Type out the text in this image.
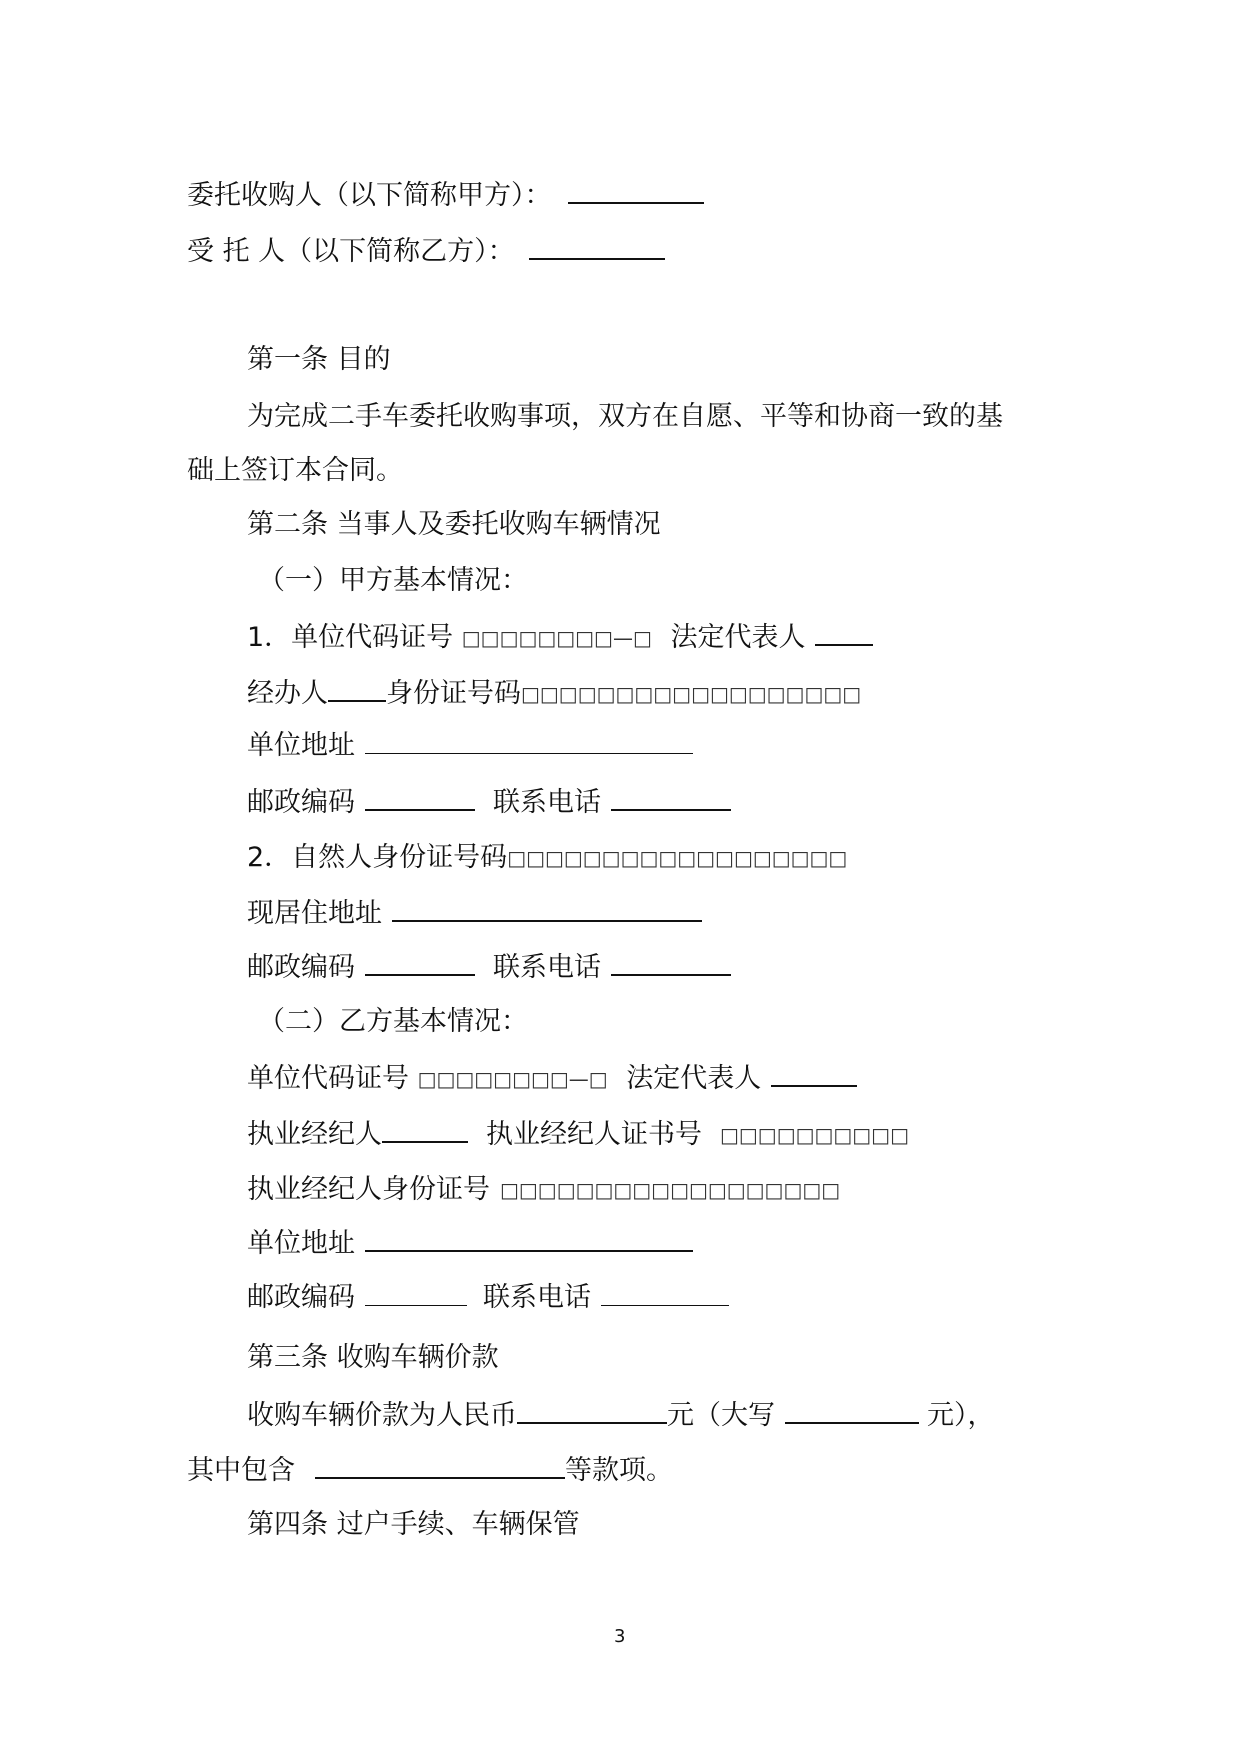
委托收购人（以下简称甲方）：
受 托 人（以下简称乙方）：
第一条 目的
为完成二手车委托收购事项，双方在自愿、平等和协商一致的基
础上签订本合同。
第二条 当事人及委托收购车辆情况
（一）甲方基本情况：
1．单位代码证号 □□□□□□□□—□ 法定代表人
经办人 身份证号码□□□□□□□□□□□□□□□□□□
单位地址
邮政编码	联系电话
2．自然人身份证号码□□□□□□□□□□□□□□□□□□
现居住地址
邮政编码	联系电话
（二）乙方基本情况：
单位代码证号 □□□□□□□□—□ 法定代表人
执业经纪人	执业经纪人证书号 □□□□□□□□□□
执业经纪人身份证号 □□□□□□□□□□□□□□□□□□
单位地址
邮政编码	联系电话
第三条 收购车辆价款
收购车辆价款为人民币	元（大写	元），
其中包含	等款项。
第四条 过户手续、车辆保管
3
